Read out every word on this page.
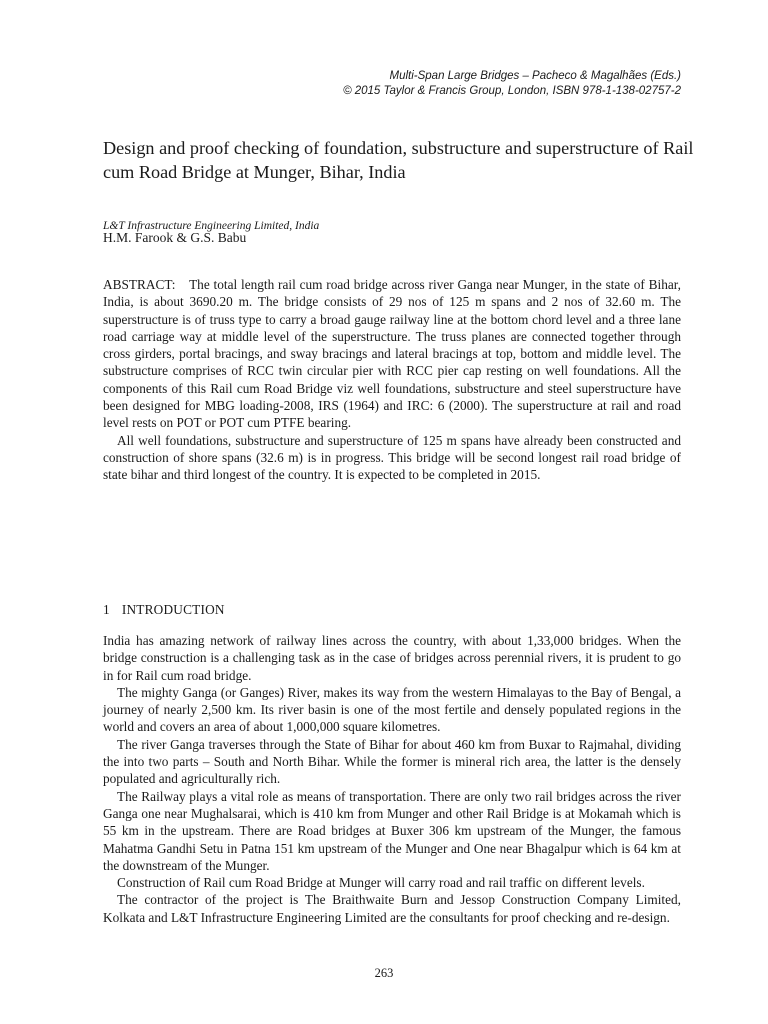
Multi-Span Large Bridges – Pacheco & Magalhães (Eds.)
© 2015 Taylor & Francis Group, London, ISBN 978-1-138-02757-2
Design and proof checking of foundation, substructure and superstructure of Rail cum Road Bridge at Munger, Bihar, India
H.M. Farook & G.S. Babu

ABSTRACT: The total length rail cum road bridge across river Ganga near Munger, in the state of Bihar, India, is about 3690.20 m. The bridge consists of 29 nos of 125 m spans and 2 nos of 32.60 m. The superstructure is of truss type to carry a broad gauge railway line at the bottom chord level and a three lane road carriage way at middle level of the superstructure. The truss planes are connected together through cross girders, portal bracings, and sway bracings and lateral bracings at top, bottom and middle level. The substructure comprises of RCC twin circular pier with RCC pier cap resting on well foundations. All the components of this Rail cum Road Bridge viz well foundations, substructure and steel superstructure have been designed for MBG loading-2008, IRS (1964) and IRC: 6 (2000). The superstructure at rail and road level rests on POT or POT cum PTFE bearing.

All well foundations, substructure and superstructure of 125 m spans have already been constructed and construction of shore spans (32.6 m) is in progress. This bridge will be second longest rail road bridge of state bihar and third longest of the country. It is expected to be completed in 2015.

1 INTRODUCTION

India has amazing network of railway lines across the country, with about 1,33,000 bridges. When the bridge construction is a challenging task as in the case of bridges across perennial rivers, it is prudent to go in for Rail cum road bridge.

The mighty Ganga (or Ganges) River, makes its way from the western Himalayas to the Bay of Bengal, a journey of nearly 2,500 km. Its river basin is one of the most fertile and densely populated regions in the world and covers an area of about 1,000,000 square kilometres.

The river Ganga traverses through the State of Bihar for about 460 km from Buxar to Rajmahal, dividing the into two parts – South and North Bihar. While the former is mineral rich area, the latter is the densely populated and agriculturally rich.

The Railway plays a vital role as means of transportation. There are only two rail bridges across the river Ganga one near Mughalsarai, which is 410 km from Munger and other Rail Bridge is at Mokamah which is 55 km in the upstream. There are Road bridges at Buxer 306 km upstream of the Munger, the famous Mahatma Gandhi Setu in Patna 151 km upstream of the Munger and One near Bhagalpur which is 64 km at the downstream of the Munger.

Construction of Rail cum Road Bridge at Munger will carry road and rail traffic on different levels.

The contractor of the project is The Braithwaite Burn and Jessop Construction Company Limited, Kolkata and L&T Infrastructure Engineering Limited are the consultants for proof checking and re-design.

263
L&T Infrastructure Engineering Limited, India
